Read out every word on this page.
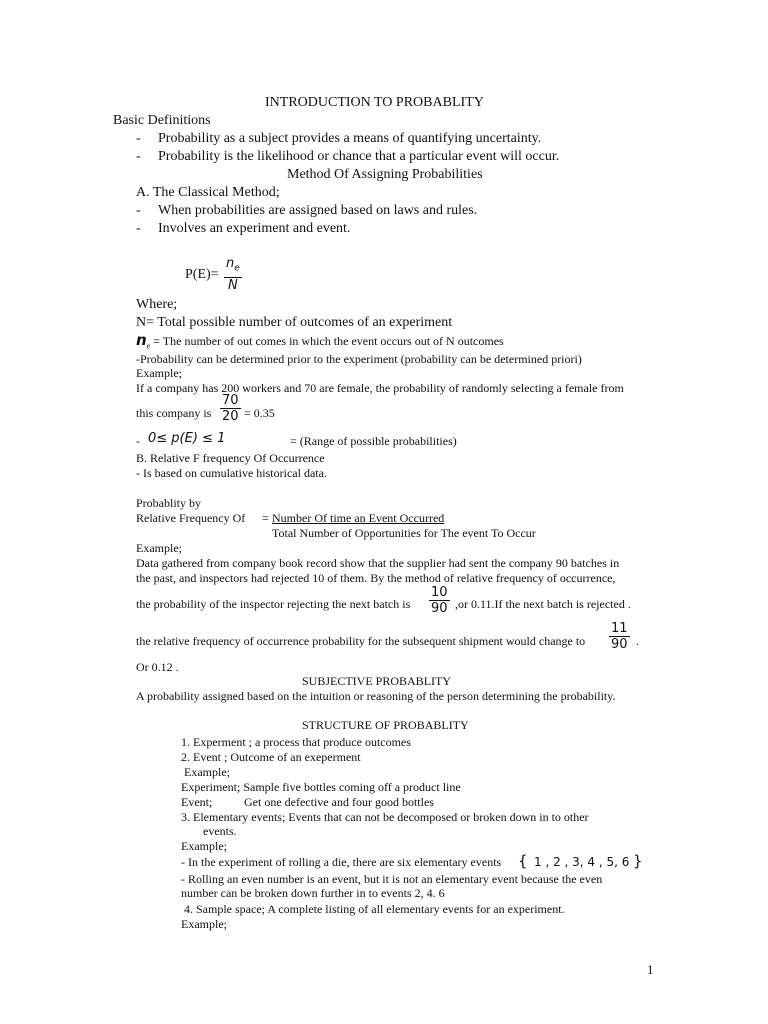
INTRODUCTION TO PROBABLITY
Basic Definitions
- Probability as a subject provides a means of quantifying uncertainty.
- Probability is the likelihood or chance that a particular event will occur.
Method Of Assigning Probabilities
A. The Classical Method;
- When probabilities are assigned based on laws and rules.
- Involves an experiment and event.
P(E)=
$n_e$
N
Where;
N= Total possible number of outcomes of an experiment
$n_e$ = The number of out comes in which the event occurs out of N outcomes
-Probability can be determined prior to the experiment (probability can be determined priori)
Example;
If a company has 200 workers and 70 are female, the probability of randomly selecting a female from
this company is
70
20 = 0.35
- 0≤ p(E) ≤ 1	= (Range of possible probabilities)
B. Relative F frequency Of Occurrence
- Is based on cumulative historical data.
Probablity by
Relative Frequency Of = Number Of time an Event Occurred
Total Number of Opportunities for The event To Occur
Example;
Data gathered from company book record show that the supplier had sent the company 90 batches in
the past, and inspectors had rejected 10 of them. By the method of relative frequency of occurrence,
the probability of the inspector rejecting the next batch is
10
90 ,or 0.11.If the next batch is rejected .
the relative frequency of occurrence probability for the subsequent shipment would change to
11
90 .
Or 0.12 .
SUBJECTIVE PROBABLITY
A probability assigned based on the intuition or reasoning of the person determining the probability.
STRUCTURE OF PROBABLITY
1. Experment ; a process that produce outcomes
2. Event ; Outcome of an exeperment
Example;
Experiment; Sample five bottles coming off a product line
Event;	Get one defective and four good bottles
3. Elementary events; Events that can not be decomposed or broken down in to other
events.
Example;
- In the experiment of rolling a die, there are six elementary events { 1 , 2 , 3, 4 , 5, 6 }
- Rolling an even number is an event, but it is not an elementary event because the even
number can be broken down further in to events 2, 4. 6
4. Sample space; A complete listing of all elementary events for an experiment.
Example;
1
